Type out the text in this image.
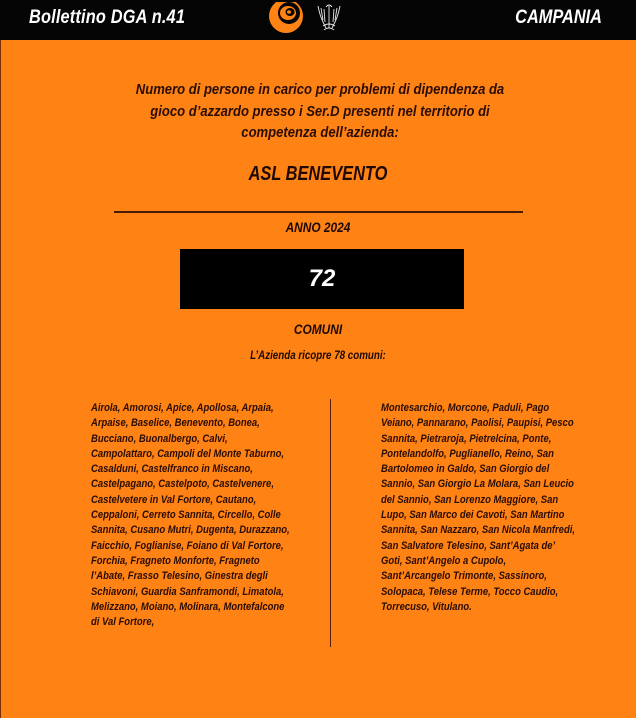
Bollettino DGA n.41	CAMPANIA
Numero di persone in carico per problemi di dipendenza da gioco d’azzardo presso i Ser.D presenti nel territorio di competenza dell’azienda:
ASL BENEVENTO
ANNO 2024
72
COMUNI
L’Azienda ricopre 78 comuni:
Airola, Amorosi, Apice, Apollosa, Arpaia, Arpaise, Baselice, Benevento, Bonea, Bucciano, Buonalbergo, Calvi, Campolattaro, Campoli del Monte Taburno, Casalduni, Castelfranco in Miscano, Castelpagano, Castelpoto, Castelvenere, Castelvetere in Val Fortore, Cautano, Ceppaloni, Cerreto Sannita, Circello, Colle Sannita, Cusano Mutri, Dugenta, Durazzano, Faicchio, Foglianise, Foiano di Val Fortore, Forchia, Fragneto Monforte, Fragneto l’Abate, Frasso Telesino, Ginestra degli Schiavoni, Guardia Sanframondi, Limatola, Melizzano, Moiano, Molinara, Montefalcone di Val Fortore,
Montesarchio, Morcone, Paduli, Pago Veiano, Pannarano, Paolisi, Paupisi, Pesco Sannita, Pietraroja, Pietrelcina, Ponte, Pontelandolfo, Puglianello, Reino, San Bartolomeo in Galdo, San Giorgio del Sannio, San Giorgio La Molara, San Leucio del Sannio, San Lorenzo Maggiore, San Lupo, San Marco dei Cavoti, San Martino Sannita, San Nazzaro, San Nicola Manfredi, San Salvatore Telesino, Sant’Agata de’ Goti, Sant’Angelo a Cupolo, Sant’Arcangelo Trimonte, Sassinoro, Solopaca, Telese Terme, Tocco Caudio, Torrecuso, Vitulano.
